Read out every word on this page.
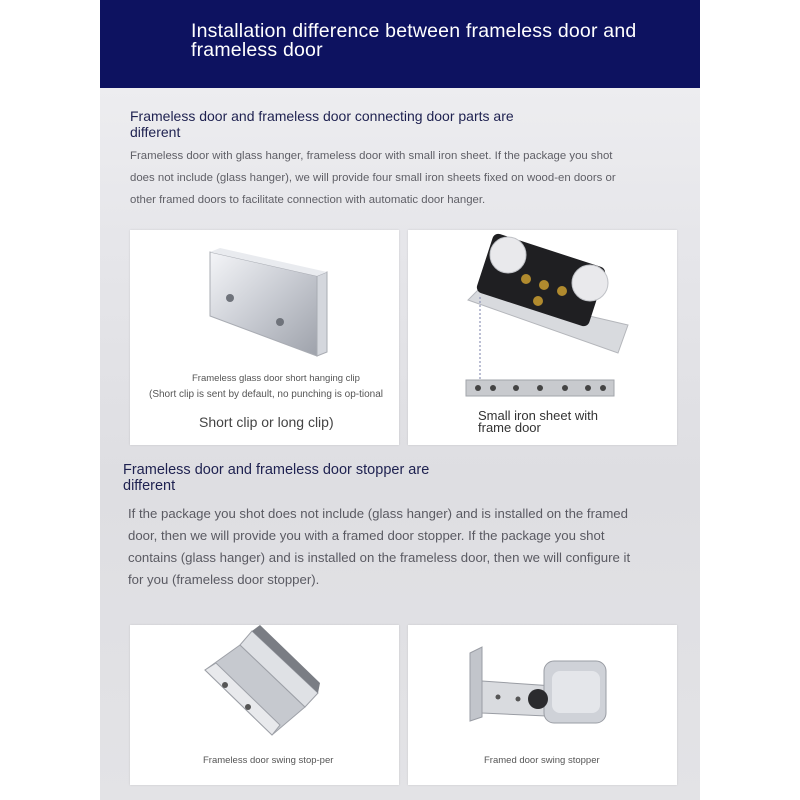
Installation difference between frameless door and frameless door
Frameless door and frameless door connecting door parts are different
Frameless door with glass hanger, frameless door with small iron sheet. If the package you shot does not include (glass hanger), we will provide four small iron sheets fixed on wood-en doors or other framed doors to facilitate connection with automatic door hanger.
Frameless glass door short hanging clip
(Short clip is sent by default, no punching is op-tional
Short clip or long clip)	Small iron sheet with frame door
Frameless door and frameless door stopper are different
If the package you shot does not include (glass hanger) and is installed on the framed door, then we will provide you with a framed door stopper. If the package you shot contains (glass hanger) and is installed on the frameless door, then we will configure it for you (frameless door stopper).
Frameless door swing stop-per	Framed door swing stopper
